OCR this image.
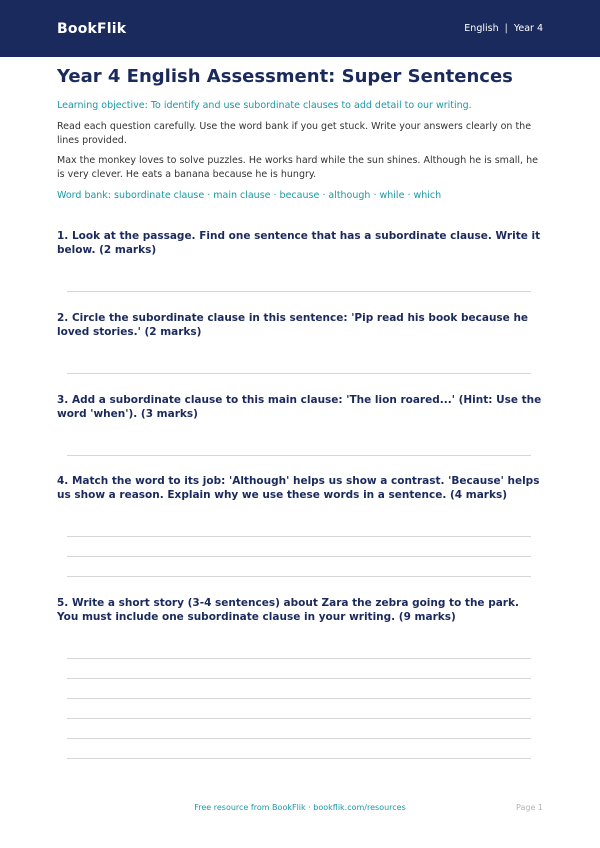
BookFlik	English | Year 4
Year 4 English Assessment: Super Sentences

Learning objective: To identify and use subordinate clauses to add detail to our writing.

Read each question carefully. Use the word bank if you get stuck. Write your answers clearly on the lines provided.

Max the monkey loves to solve puzzles. He works hard while the sun shines. Although he is small, he is very clever. He eats a banana because he is hungry.

Word bank: subordinate clause · main clause · because · although · while · which

1. Look at the passage. Find one sentence that has a subordinate clause. Write it below. (2 marks)
2. Circle the subordinate clause in this sentence: 'Pip read his book because he loved stories.' (2 marks)
3. Add a subordinate clause to this main clause: 'The lion roared...' (Hint: Use the word 'when'). (3 marks)
4. Match the word to its job: 'Although' helps us show a contrast. 'Because' helps us show a reason. Explain why we use these words in a sentence. (4 marks)
5. Write a short story (3-4 sentences) about Zara the zebra going to the park. You must include one subordinate clause in your writing. (9 marks)
Free resource from BookFlik · bookflik.com/resources	Page 1
